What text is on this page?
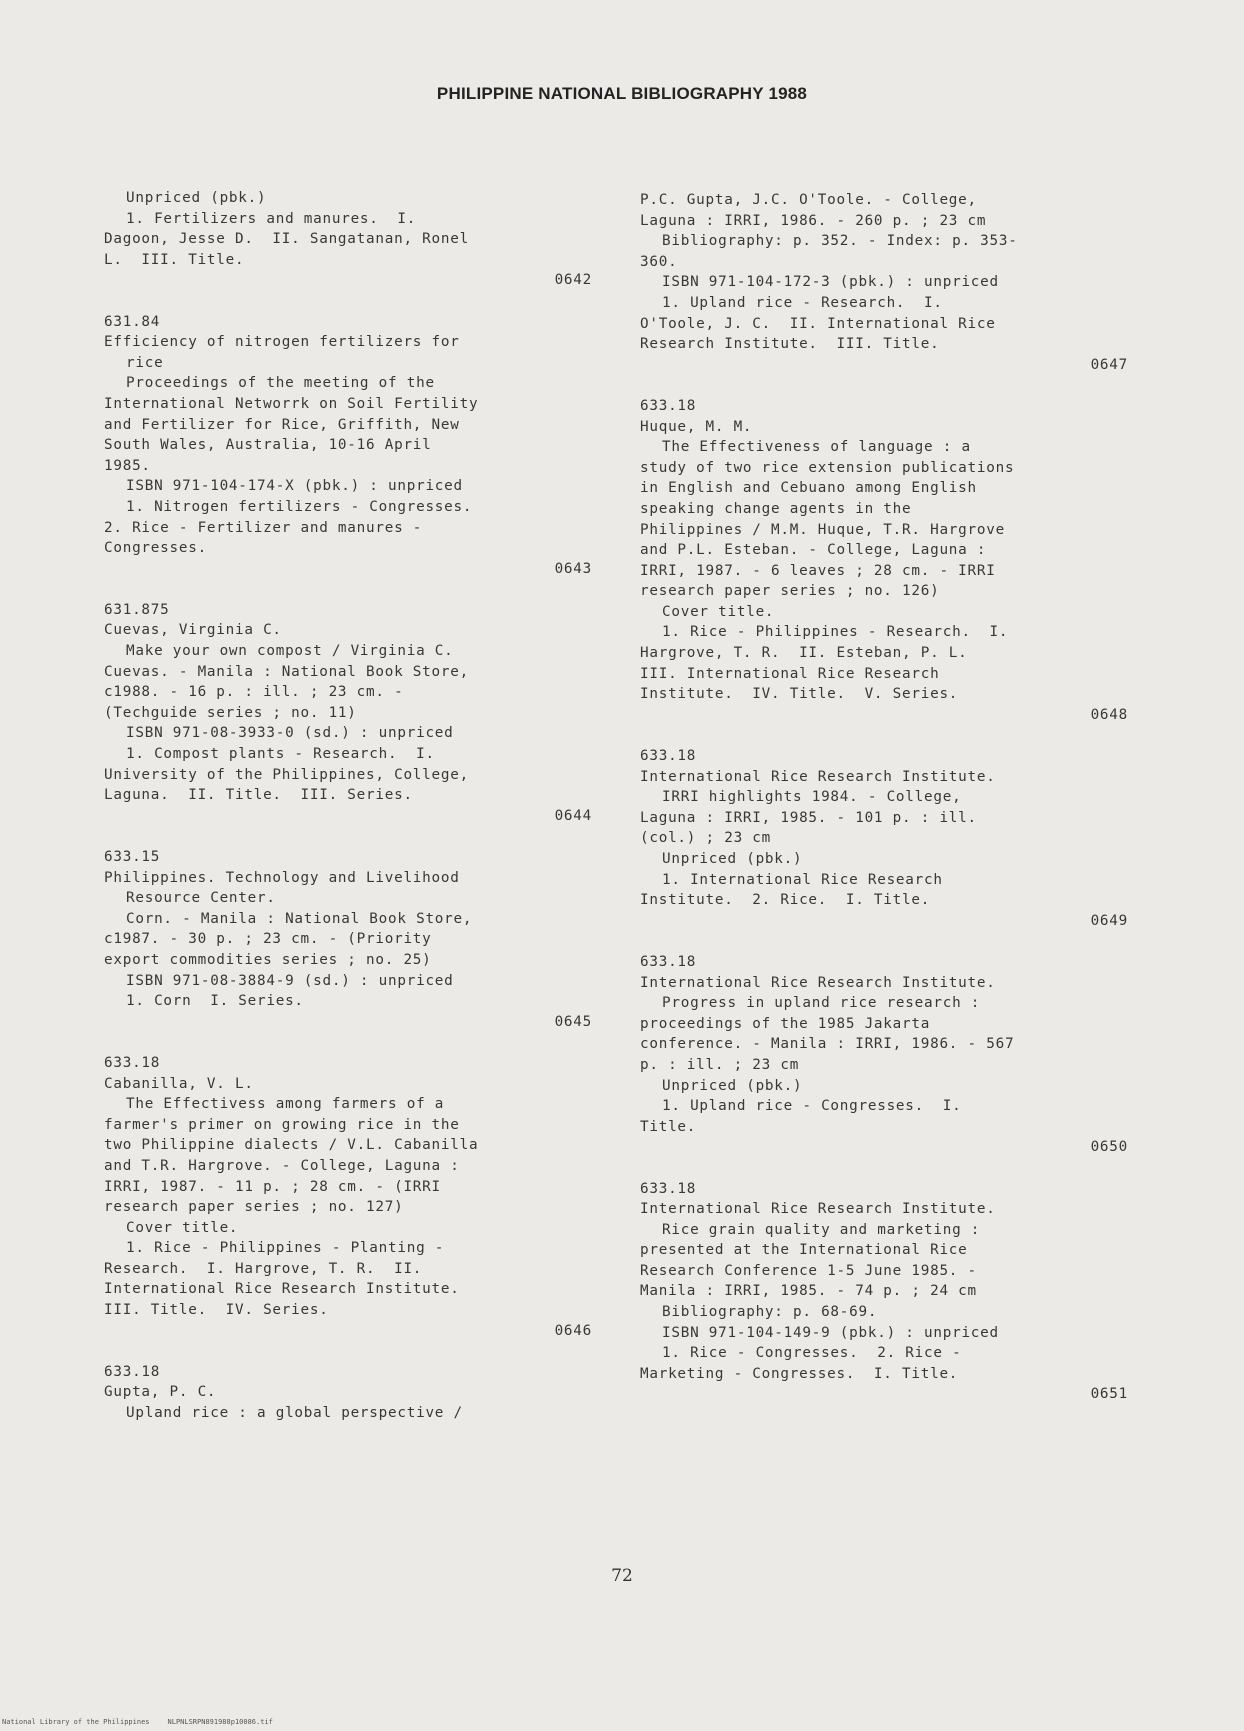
PHILIPPINE NATIONAL BIBLIOGRAPHY 1988
Unpriced (pbk.)
1. Fertilizers and manures.  I.
Dagoon, Jesse D.  II. Sangatanan, Ronel
L.  III. Title.
0642
631.84
Efficiency of nitrogen fertilizers for
rice
Proceedings of the meeting of the
International Networrk on Soil Fertility
and Fertilizer for Rice, Griffith, New
South Wales, Australia, 10-16 April
1985.
ISBN 971-104-174-X (pbk.) : unpriced
1. Nitrogen fertilizers - Congresses.
2. Rice - Fertilizer and manures -
Congresses.
0643
631.875
Cuevas, Virginia C.
Make your own compost / Virginia C.
Cuevas. - Manila : National Book Store,
c1988. - 16 p. : ill. ; 23 cm. -
(Techguide series ; no. 11)
ISBN 971-08-3933-0 (sd.) : unpriced
1. Compost plants - Research.  I.
University of the Philippines, College,
Laguna.  II. Title.  III. Series.
0644
633.15
Philippines. Technology and Livelihood
Resource Center.
Corn. - Manila : National Book Store,
c1987. - 30 p. ; 23 cm. - (Priority
export commodities series ; no. 25)
ISBN 971-08-3884-9 (sd.) : unpriced
1. Corn  I. Series.
0645
633.18
Cabanilla, V. L.
The Effectivess among farmers of a
farmer's primer on growing rice in the
two Philippine dialects / V.L. Cabanilla
and T.R. Hargrove. - College, Laguna :
IRRI, 1987. - 11 p. ; 28 cm. - (IRRI
research paper series ; no. 127)
Cover title.
1. Rice - Philippines - Planting -
Research.  I. Hargrove, T. R.  II.
International Rice Research Institute.
III. Title.  IV. Series.
0646
633.18
Gupta, P. C.
Upland rice : a global perspective /
P.C. Gupta, J.C. O'Toole. - College,
Laguna : IRRI, 1986. - 260 p. ; 23 cm
Bibliography: p. 352. - Index: p. 353-
360.
ISBN 971-104-172-3 (pbk.) : unpriced
1. Upland rice - Research.  I.
O'Toole, J. C.  II. International Rice
Research Institute.  III. Title.
0647
633.18
Huque, M. M.
The Effectiveness of language : a
study of two rice extension publications
in English and Cebuano among English
speaking change agents in the
Philippines / M.M. Huque, T.R. Hargrove
and P.L. Esteban. - College, Laguna :
IRRI, 1987. - 6 leaves ; 28 cm. - IRRI
research paper series ; no. 126)
Cover title.
1. Rice - Philippines - Research.  I.
Hargrove, T. R.  II. Esteban, P. L.
III. International Rice Research
Institute.  IV. Title.  V. Series.
0648
633.18
International Rice Research Institute.
IRRI highlights 1984. - College,
Laguna : IRRI, 1985. - 101 p. : ill.
(col.) ; 23 cm
Unpriced (pbk.)
1. International Rice Research
Institute.  2. Rice.  I. Title.
0649
633.18
International Rice Research Institute.
Progress in upland rice research :
proceedings of the 1985 Jakarta
conference. - Manila : IRRI, 1986. - 567
p. : ill. ; 23 cm
Unpriced (pbk.)
1. Upland rice - Congresses.  I.
Title.
0650
633.18
International Rice Research Institute.
Rice grain quality and marketing :
presented at the International Rice
Research Conference 1-5 June 1985. -
Manila : IRRI, 1985. - 74 p. ; 24 cm
Bibliography: p. 68-69.
ISBN 971-104-149-9 (pbk.) : unpriced
1. Rice - Congresses.  2. Rice -
Marketing - Congresses.  I. Title.
0651
72
National Library of the Philippines	NLPNLSRPN891988p10086.tif
